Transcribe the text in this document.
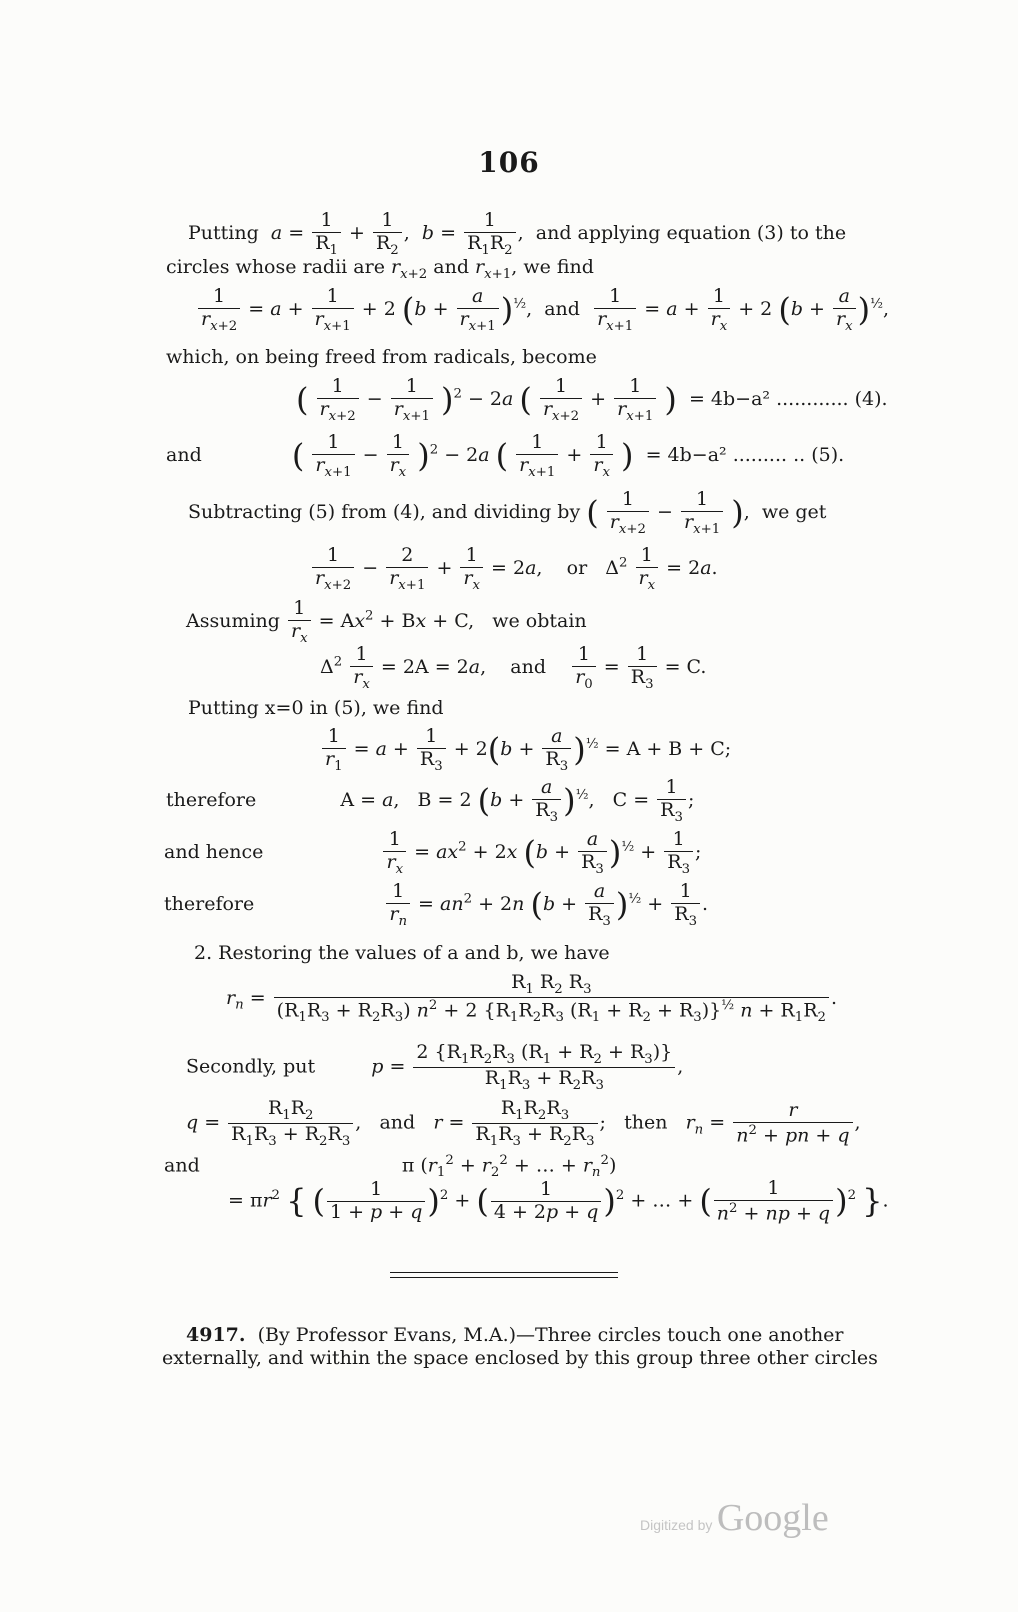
106
Putting $a = \frac{1}{R_1} + \frac{1}{R_2}$ ,  $b = \frac{1}{R_1R_2}$ ,  and applying equation (3) to the
circles whose radii are $r_{x+2}$ and $r_{x+1}$, we find
$\frac{1}{r_{x+2}} = a + \frac{1}{r_{x+1}} + 2$ $(b + \frac{a}{r_{x+1}} )^{\frac{1}{2}}$,  and $\frac{1}{r_{x+1}} = a + \frac{1}{r_x} + 2$ $(b + \frac{a}{r_x} )^{\frac{1}{2}}$,
which, on being freed from radicals, become
( $\frac{1}{r_{x+2}} - \frac{1}{r_{x+1}} )^2 - 2a$ ( $\frac{1}{r_{x+2}} + \frac{1}{r_{x+1}}$ ) = 4b−a² ............ (4).
and	( $\frac{1}{r_{x+1}} - \frac{1}{r_x} )^2 - 2a$ ( $\frac{1}{r_{x+1}} + \frac{1}{r_x}$ ) = 4b−a² ......... .. (5).
Subtracting (5) from (4), and dividing by ( $\frac{1}{r_{x+2}} - \frac{1}{r_{x+1}}$ ),  we get
$\frac{1}{r_{x+2}} - \frac{2}{r_{x+1}} + \frac{1}{r_x} = 2a$,    or   $\Delta^2 \frac{1}{r_x} = 2a$.
Assuming $\frac{1}{r_x} = Ax^2 + Bx + C$,   we obtain
$\Delta^2 \frac{1}{r_x} = 2A = 2a$,    and $\frac{1}{r_0} = \frac{1}{R_3} = C$.
Putting x=0 in (5), we find
$\frac{1}{r_1} = a + \frac{1}{R_3} + 2(b + \frac{a}{R_3} )^{\frac{1}{2}} = A + B + C$;
therefore	A = a,   B = 2 $(b + \frac{a}{R_3} )^{\frac{1}{2}}$,   $C = \frac{1}{R_3}$ ;
and hence	$\frac{1}{r_x} = ax^2 + 2x$ $(b + \frac{a}{R_3} )^{\frac{1}{2}} + \frac{1}{R_3}$ ;
therefore	$\frac{1}{r_n} = an^2 + 2n$ $(b + \frac{a}{R_3} )^{\frac{1}{2}} + \frac{1}{R_3}$ .
2. Restoring the values of a and b, we have
$r_n = \frac{R_1 R_2 R_3}{(R_1R_3 + R_2R_3) n^2 + 2 \{R_1R_2R_3 (R_1 + R_2 + R_3)\}^{\frac{1}{2}} n + R_1R_2}$ .
Secondly, put	$p = \frac{2 \{R_1R_2R_3 (R_1 + R_2 + R_3)\}}{R_1R_3 + R_2R_3}$ ,
$q = \frac{R_1R_2}{R_1R_3 + R_2R_3}$ ,   and $r = \frac{R_1R_2R_3}{R_1R_3 + R_2R_3}$ ;   then $r_n = \frac{r}{n^2 + pn + q}$ ,
and	π ($r_1^2 + r_2^2$ + … + $r_n^2$)
= $\pi r^2$ { ( $\frac{1}{1 + p + q} )^2$ + ( $\frac{1}{4 + 2p + q} )^2$ + … + ( $\frac{1}{n^2 + np + q} )^2$ }.
4917. (By Professor Evans, M.A.)—Three circles touch one another
externally, and within the space enclosed by this group three other circles
Digitized by Google
